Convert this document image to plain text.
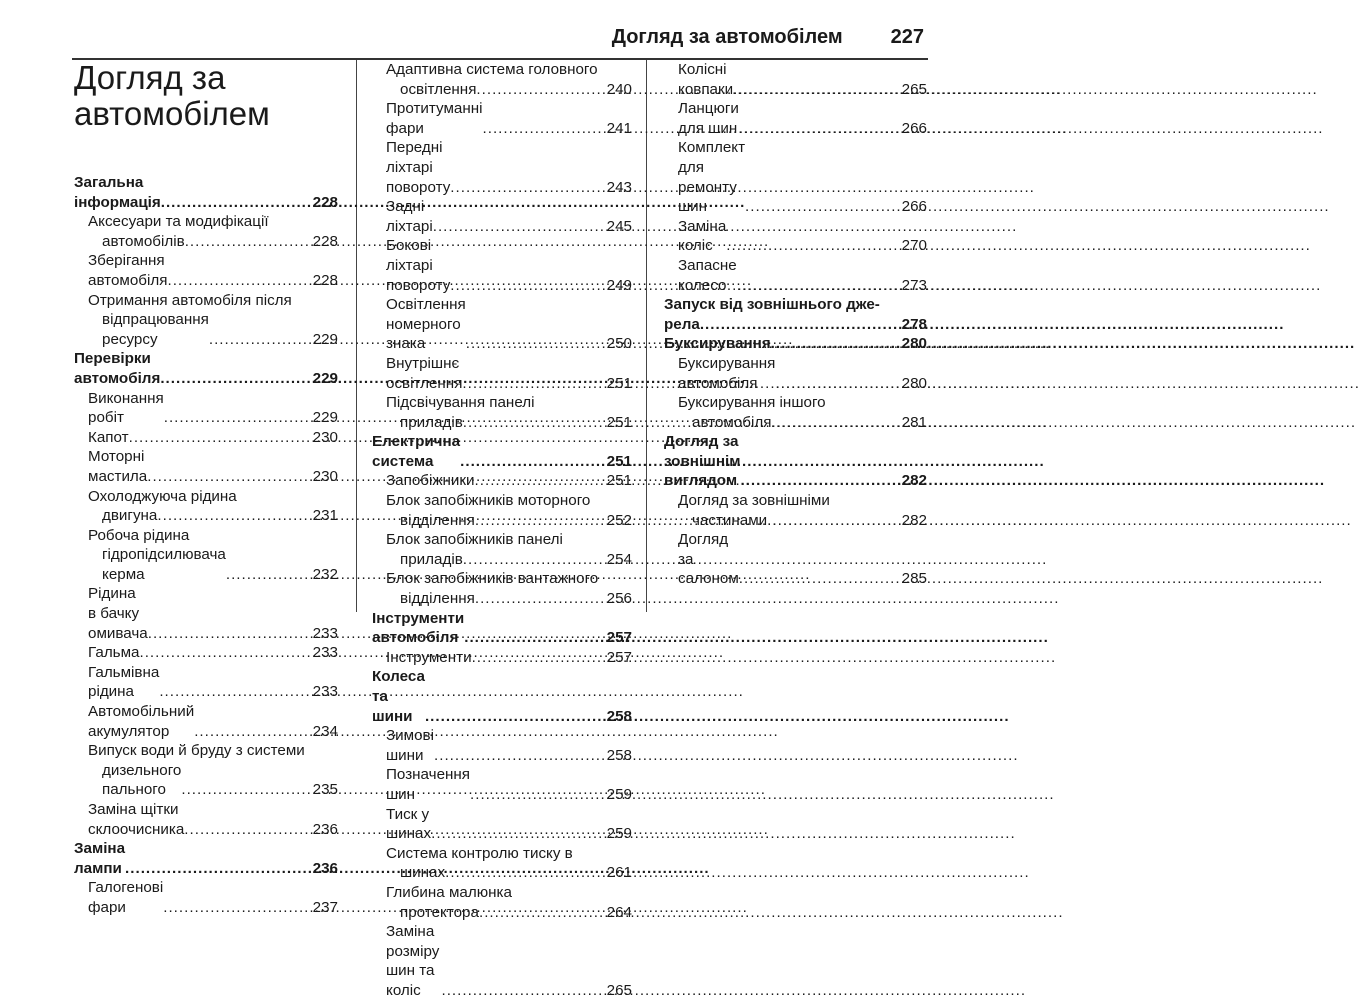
Догляд за автомобілем 227
Догляд за автомобілем
Загальна інформація .....	228
Аксесуари та модифікації
автомобілів .....	228
Зберігання автомобіля .....	228
Отримання автомобіля після
відпрацювання ресурсу .....	229
Перевірки автомобіля .....	229
Виконання робіт .....	229
Капот .....	230
Моторні мастила .....	230
Охолоджуюча рідина
двигуна .....	231
Робоча рідина
гідропідсилювача керма .....	232
Рідина в бачку омивача .....	233
Гальма .....	233
Гальмівна рідина .....	233
Автомобільний акумулятор .....	234
Випуск води й бруду з системи
дизельного пального .....	235
Заміна щітки склоочисника .....	236
Заміна лампи .....	236
Галогенові фари .....	237
Адаптивна система головного
освітлення .....	240
Протитуманні фари .....	241
Передні ліхтарі повороту .....	243
Задні ліхтарі .....	245
Бокові ліхтарі повороту .....	249
Освітлення номерного знака .....	250
Внутрішнє освітлення .....	251
Підсвічування панелі
приладів .....	251
Електрична система .....	251
Запобіжники .....	251
Блок запобіжників моторного
відділення .....	252
Блок запобіжників панелі
приладів .....	254
Блок запобіжників вантажного
відділення .....	256
Інструменти автомобіля .....	257
Інструменти .....	257
Колеса та шини .....	258
Зимові шини .....	258
Позначення шин .....	259
Тиск у шинах .....	259
Система контролю тиску в
шинах .....	261
Глибина малюнка
протектора .....	264
Заміна розміру шин та коліс .....	265
Колісні ковпаки .....	265
Ланцюги для шин .....	266
Комплект для ремонту шин .....	266
Заміна коліс .....	270
Запасне колесо .....	273
Запуск від зовнішнього дже-
рела .....	278
Буксирування .....	280
Буксирування автомобіля .....	280
Буксирування іншого
автомобіля .....	281
Догляд за зовнішнім виглядом .....	282
Догляд за зовнішніми
частинами .....	282
Догляд за салоном .....	285
